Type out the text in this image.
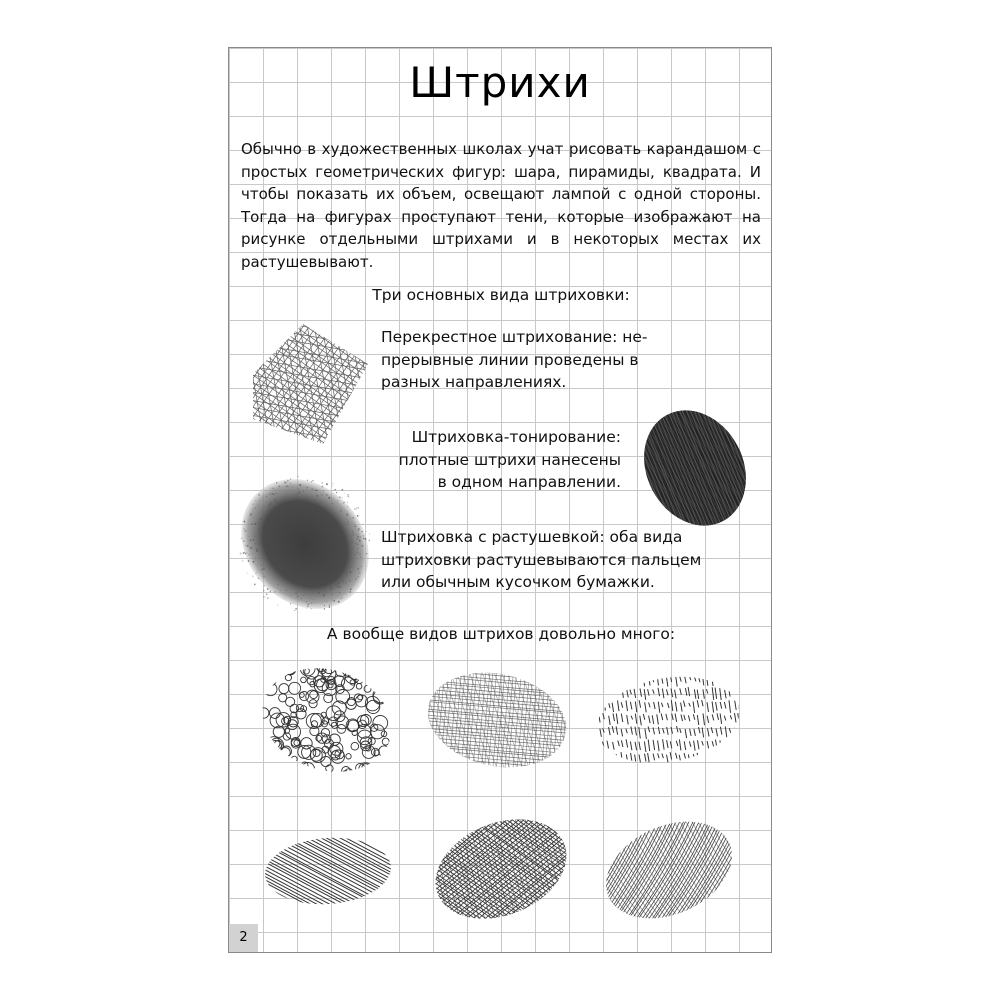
Штрихи

Обычно в художественных школах учат рисовать карандашом с простых геометрических фигур: шара, пирамиды, квадрата. И чтобы показать их объем, освещают лампой с одной стороны. Тогда на фигурах проступают тени, которые изображают на рисунке отдельными штрихами и в некоторых местах их растушевывают.

Три основных вида штриховки:
Перекрестное штрихование: не-
прерывные линии проведены в
разных направлениях.
Штриховка-тонирование:
плотные штрихи нанесены
в одном направлении.
Штриховка с растушевкой: оба вида
штриховки растушевываются пальцем
или обычным кусочком бумажки.
А вообще видов штрихов довольно много:
2
